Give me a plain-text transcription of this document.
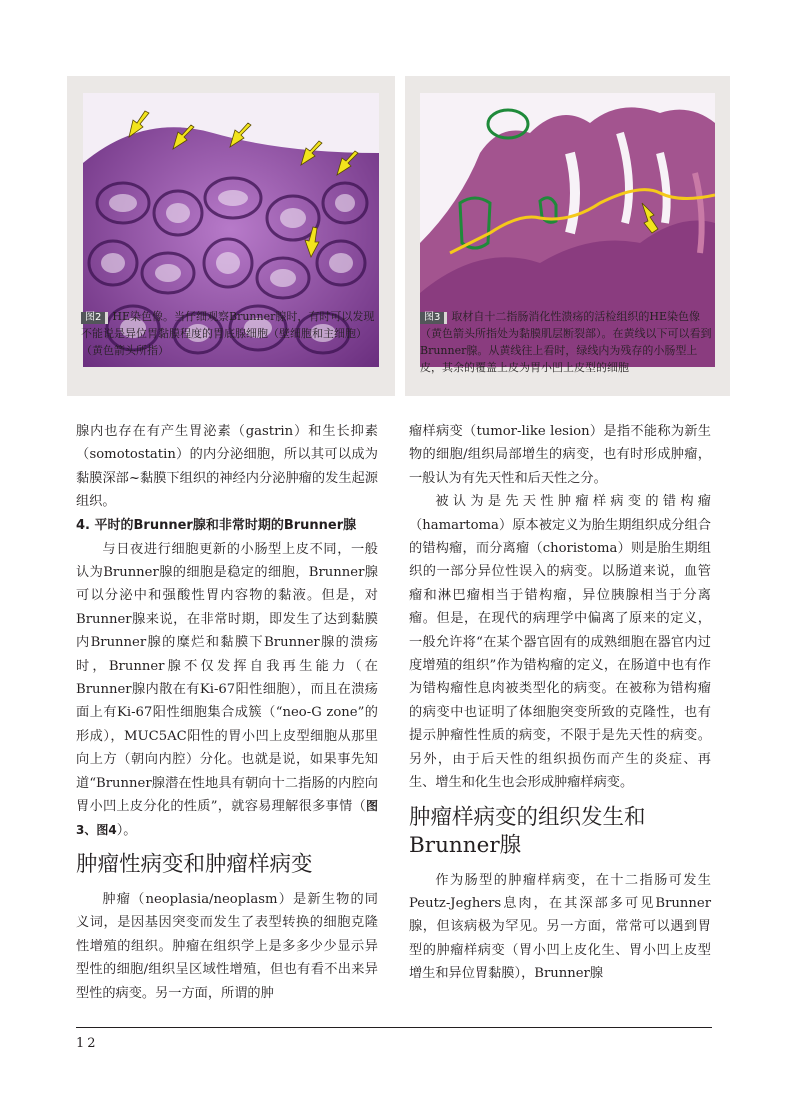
图2 HE染色像。当仔细观察Brunner腺时，有时可以发现不能说是异位胃黏膜程度的胃底腺细胞（壁细胞和主细胞）（黄色箭头所指）
图3 取材自十二指肠消化性溃疡的活检组织的HE染色像（黄色箭头所指处为黏膜肌层断裂部）。在黄线以下可以看到Brunner腺。从黄线往上看时，绿线内为残存的小肠型上皮，其余的覆盖上皮为胃小凹上皮型的细胞

腺内也存在有产生胃泌素（gastrin）和生长抑素（somotostatin）的内分泌细胞，所以其可以成为黏膜深部~黏膜下组织的神经内分泌肿瘤的发生起源组织。

4. 平时的Brunner腺和非常时期的Brunner腺

与日夜进行细胞更新的小肠型上皮不同，一般认为Brunner腺的细胞是稳定的细胞，Brunner腺可以分泌中和强酸性胃内容物的黏液。但是，对Brunner腺来说，在非常时期，即发生了达到黏膜内Brunner腺的糜烂和黏膜下Brunner腺的溃疡时，Brunner腺不仅发挥自我再生能力（在Brunner腺内散在有Ki-67阳性细胞），而且在溃疡面上有Ki-67阳性细胞集合成簇（“neo-G zone”的形成），MUC5AC阳性的胃小凹上皮型细胞从那里向上方（朝向内腔）分化。也就是说，如果事先知道“Brunner腺潜在性地具有朝向十二指肠的内腔向胃小凹上皮分化的性质”，就容易理解很多事情（图3、图4）。

肿瘤性病变和肿瘤样病变

肿瘤（neoplasia/neoplasm）是新生物的同义词，是因基因突变而发生了表型转换的细胞克隆性增殖的组织。肿瘤在组织学上是多多少少显示异型性的细胞/组织呈区域性增殖，但也有看不出来异型性的病变。另一方面，所谓的肿

瘤样病变（tumor-like lesion）是指不能称为新生物的细胞/组织局部增生的病变，也有时形成肿瘤，一般认为有先天性和后天性之分。

被认为是先天性肿瘤样病变的错构瘤（hamartoma）原本被定义为胎生期组织成分组合的错构瘤，而分离瘤（choristoma）则是胎生期组织的一部分异位性误入的病变。以肠道来说，血管瘤和淋巴瘤相当于错构瘤，异位胰腺相当于分离瘤。但是，在现代的病理学中偏离了原来的定义，一般允许将“在某个器官固有的成熟细胞在器官内过度增殖的组织”作为错构瘤的定义，在肠道中也有作为错构瘤性息肉被类型化的病变。在被称为错构瘤的病变中也证明了体细胞突变所致的克隆性，也有提示肿瘤性性质的病变，不限于是先天性的病变。另外，由于后天性的组织损伤而产生的炎症、再生、增生和化生也会形成肿瘤样病变。

肿瘤样病变的组织发生和
Brunner腺

作为肠型的肿瘤样病变，在十二指肠可发生Peutz-Jeghers息肉，在其深部多可见Brunner腺，但该病极为罕见。另一方面，常常可以遇到胃型的肿瘤样病变（胃小凹上皮化生、胃小凹上皮型增生和异位胃黏膜），Brunner腺

12
